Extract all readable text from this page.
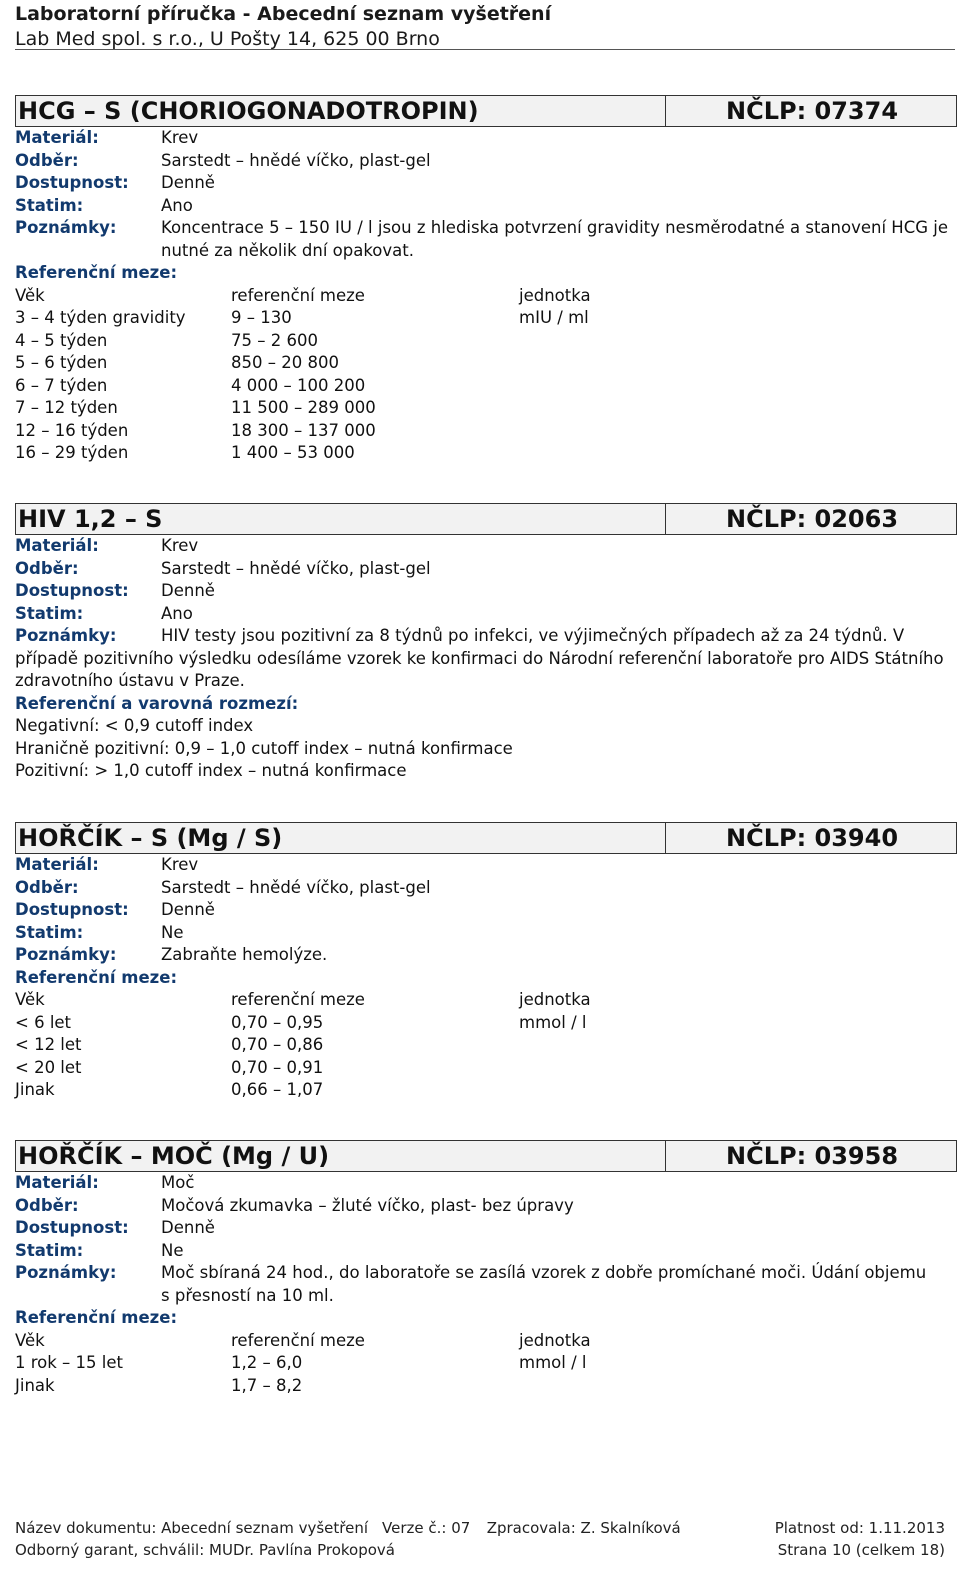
Laboratorní příručka - Abecední seznam vyšetření
Lab Med spol. s r.o., U Pošty 14, 625 00 Brno
HCG – S (CHORIOGONADOTROPIN)	NČLP: 07374
Materiál:	Krev
Odběr:	Sarstedt – hnědé víčko, plast-gel
Dostupnost:	Denně
Statim:	Ano
Poznámky:	Koncentrace 5 – 150 IU / l jsou z hlediska potvrzení gravidity nesměrodatné a stanovení HCG je
nutné za několik dní opakovat.
Referenční meze:
Věk	referenční meze	jednotka
3 – 4 týden gravidity	9 – 130	mIU / ml
4 – 5 týden	75 – 2 600
5 – 6 týden	850 – 20 800
6 – 7 týden	4 000 – 100 200
7 – 12 týden	11 500 – 289 000
12 – 16 týden	18 300 – 137 000
16 – 29 týden	1 400 – 53 000
HIV 1,2 – S	NČLP: 02063
Materiál:	Krev
Odběr:	Sarstedt – hnědé víčko, plast-gel
Dostupnost:	Denně
Statim:	Ano
Poznámky:	HIV testy jsou pozitivní za 8 týdnů po infekci, ve výjimečných případech až za 24 týdnů. V
případě pozitivního výsledku odesíláme vzorek ke konfirmaci do Národní referenční laboratoře pro AIDS Státního
zdravotního ústavu v Praze.
Referenční a varovná rozmezí:
Negativní: < 0,9 cutoff index
Hraničně pozitivní: 0,9 – 1,0 cutoff index – nutná konfirmace
Pozitivní: > 1,0 cutoff index – nutná konfirmace
HOŘČÍK – S (Mg / S)	NČLP: 03940
Materiál:	Krev
Odběr:	Sarstedt – hnědé víčko, plast-gel
Dostupnost:	Denně
Statim:	Ne
Poznámky:	Zabraňte hemolýze.
Referenční meze:
Věk	referenční meze	jednotka
< 6 let	0,70 – 0,95	mmol / l
< 12 let	0,70 – 0,86
< 20 let	0,70 – 0,91
Jinak	0,66 – 1,07
HOŘČÍK – MOČ (Mg / U)	NČLP: 03958
Materiál:	Moč
Odběr:	Močová zkumavka – žluté víčko, plast- bez úpravy
Dostupnost:	Denně
Statim:	Ne
Poznámky:	Moč sbíraná 24 hod., do laboratoře se zasílá vzorek z dobře promíchané moči. Údání objemu
s přesností na 10 ml.
Referenční meze:
Věk	referenční meze	jednotka
1 rok – 15 let	1,2 – 6,0	mmol / l
Jinak	1,7 – 8,2
Název dokumentu: Abecední seznam vyšetření Verze č.: 07	Zpracovala: Z. Skalníková	Platnost od: 1.11.2013
Odborný garant, schválil: MUDr. Pavlína Prokopová	Strana 10 (celkem 18)
